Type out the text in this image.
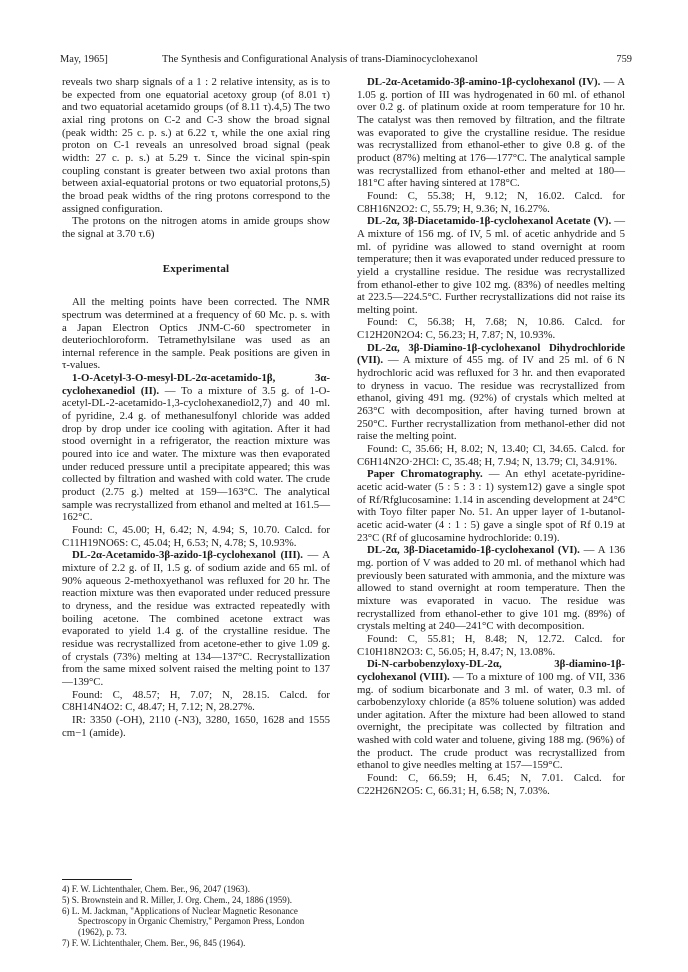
May, 1965]	The Synthesis and Configurational Analysis of trans-Diaminocyclohexanol	759

reveals two sharp signals of a 1 : 2 relative intensity, as is to be expected from one equatorial acetoxy group (of 8.01 τ) and two equatorial acetamido groups (of 8.11 τ).4,5) The two axial ring protons on C-2 and C-3 show the broad signal (peak width: 25 c. p. s.) at 6.22 τ, while the one axial ring proton on C-1 reveals an unresolved broad signal (peak width: 27 c. p. s.) at 5.29 τ. Since the vicinal spin-spin coupling constant is greater between two axial protons than between axial-equatorial protons or two equatorial protons,5) the broad peak widths of the ring protons correspond to the assigned configuration.

The protons on the nitrogen atoms in amide groups show the signal at 3.70 τ.6)

Experimental

All the melting points have been corrected. The NMR spectrum was determined at a frequency of 60 Mc. p. s. with a Japan Electron Optics JNM-C-60 spectrometer in deuteriochloroform. Tetramethylsilane was used as an internal reference in the sample. Peak positions are given in τ-values.

1-O-Acetyl-3-O-mesyl-DL-2α-acetamido-1β, 3α-cyclohexanediol (II). — To a mixture of 3.5 g. of 1-O-acetyl-DL-2-acetamido-1,3-cyclohexanediol2,7) and 40 ml. of pyridine, 2.4 g. of methanesulfonyl chloride was added drop by drop under ice cooling with agitation. After it had stood overnight in a refrigerator, the reaction mixture was poured into ice and water. The mixture was then evaporated under reduced pressure until a precipitate appeared; this was collected by filtration and washed with cold water. The crude product (2.75 g.) melted at 159—163°C. The analytical sample was recrystallized from ethanol and melted at 161.5—162°C.

Found: C, 45.00; H, 6.42; N, 4.94; S, 10.70. Calcd. for C11H19NO6S: C, 45.04; H, 6.53; N, 4.78; S, 10.93%.

DL-2α-Acetamido-3β-azido-1β-cyclohexanol (III). — A mixture of 2.2 g. of II, 1.5 g. of sodium azide and 65 ml. of 90% aqueous 2-methoxyethanol was refluxed for 20 hr. The reaction mixture was then evaporated under reduced pressure to dryness, and the residue was extracted repeatedly with boiling acetone. The combined acetone extract was evaporated to yield 1.4 g. of the crystalline residue. The residue was recrystallized from acetone-ether to give 1.09 g. of crystals (73%) melting at 134—137°C. Recrystallization from the same mixed solvent raised the melting point to 137—139°C.

Found: C, 48.57; H, 7.07; N, 28.15. Calcd. for C8H14N4O2: C, 48.47; H, 7.12; N, 28.27%.

IR: 3350 (-OH), 2110 (-N3), 3280, 1650, 1628 and 1555 cm−1 (amide).

4) F. W. Lichtenthaler, Chem. Ber., 96, 2047 (1963).

5) S. Brownstein and R. Miller, J. Org. Chem., 24, 1886 (1959).

6) L. M. Jackman, "Applications of Nuclear Magnetic Resonance Spectroscopy in Organic Chemistry," Pergamon Press, London (1962), p. 73.

7) F. W. Lichtenthaler, Chem. Ber., 96, 845 (1964).

DL-2α-Acetamido-3β-amino-1β-cyclohexanol (IV). — A 1.05 g. portion of III was hydrogenated in 60 ml. of ethanol over 0.2 g. of platinum oxide at room temperature for 10 hr. The catalyst was then removed by filtration, and the filtrate was evaporated to give the crystalline residue. The residue was recrystallized from ethanol-ether to give 0.8 g. of the product (87%) melting at 176—177°C. The analytical sample was recrystallized from ethanol-ether and melted at 180—181°C after having sintered at 178°C.

Found: C, 55.38; H, 9.12; N, 16.02. Calcd. for C8H16N2O2: C, 55.79; H, 9.36; N, 16.27%.

DL-2α, 3β-Diacetamido-1β-cyclohexanol Acetate (V). — A mixture of 156 mg. of IV, 5 ml. of acetic anhydride and 5 ml. of pyridine was allowed to stand overnight at room temperature; then it was evaporated under reduced pressure to yield a crystalline residue. The residue was recrystallized from ethanol-ether to give 102 mg. (83%) of needles melting at 223.5—224.5°C. Further recrystallizations did not raise its melting point.

Found: C, 56.38; H, 7.68; N, 10.86. Calcd. for C12H20N2O4: C, 56.23; H, 7.87; N, 10.93%.

DL-2α, 3β-Diamino-1β-cyclohexanol Dihydrochloride (VII). — A mixture of 455 mg. of IV and 25 ml. of 6 N hydrochloric acid was refluxed for 3 hr. and then evaporated to dryness in vacuo. The residue was recrystallized from ethanol, giving 491 mg. (92%) of crystals which melted at 263°C with decomposition, after having turned brown at 250°C. Further recrystallization from methanol-ether did not raise the melting point.

Found: C, 35.66; H, 8.02; N, 13.40; Cl, 34.65. Calcd. for C6H14N2O·2HCl: C, 35.48; H, 7.94; N, 13.79; Cl, 34.91%.

Paper Chromatography. — An ethyl acetate-pyridine-acetic acid-water (5 : 5 : 3 : 1) system12) gave a single spot of Rf/Rfglucosamine: 1.14 in ascending development at 24°C with Toyo filter paper No. 51. An upper layer of 1-butanol-acetic acid-water (4 : 1 : 5) gave a single spot of Rf 0.19 at 23°C (Rf of glucosamine hydrochloride: 0.19).

DL-2α, 3β-Diacetamido-1β-cyclohexanol (VI). — A 136 mg. portion of V was added to 20 ml. of methanol which had previously been saturated with ammonia, and the mixture was allowed to stand overnight at room temperature. Then the mixture was evaporated in vacuo. The residue was recrystallized from ethanol-ether to give 101 mg. (89%) of crystals melting at 240—241°C with decomposition.

Found: C, 55.81; H, 8.48; N, 12.72. Calcd. for C10H18N2O3: C, 56.05; H, 8.47; N, 13.08%.

Di-N-carbobenzyloxy-DL-2α, 3β-diamino-1β-cyclohexanol (VIII). — To a mixture of 100 mg. of VII, 336 mg. of sodium bicarbonate and 3 ml. of water, 0.3 ml. of carbobenzyloxy chloride (a 85% toluene solution) was added under agitation. After the mixture had been allowed to stand overnight, the precipitate was collected by filtration and washed with cold water and toluene, giving 188 mg. (96%) of the product. The crude product was recrystallized from ethanol to give needles melting at 157—159°C.

Found: C, 66.59; H, 6.45; N, 7.01. Calcd. for C22H26N2O5: C, 66.31; H, 6.58; N, 7.03%.
